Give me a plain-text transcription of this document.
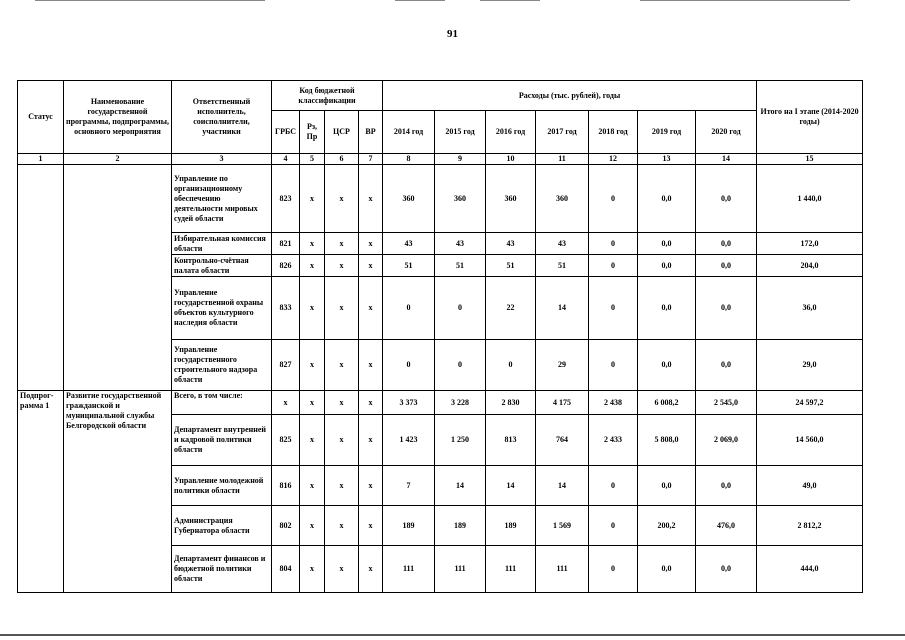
91
Статус	Наименование государственной программы, подпрограммы, основного мероприятия	Ответственный исполнитель, соисполнители, участники	Код бюджетной классификации				Расходы (тыс. рублей), годы							Итого на I этапе (2014-2020 годы)
			ГРБС	Рз, Пр	ЦСР	ВР	2014 год	2015 год	2016 год	2017 год	2018 год	2019 год	2020 год	
1	2	3	4	5	6	7	8	9	10	11	12	13	14	15
		Управление по организационному обеспечению деятельности мировых судей области	823	х	х	х	360	360	360	360	0	0,0	0,0	1 440,0
		Избирательная комиссия области	821	х	х	х	43	43	43	43	0	0,0	0,0	172,0
		Контрольно-счётная палата области	826	х	х	х	51	51	51	51	0	0,0	0,0	204,0
		Управление государственной охраны объектов культурного наследия области	833	х	х	х	0	0	22	14	0	0,0	0,0	36,0
		Управление государственного строительного надзора области	827	х	х	х	0	0	0	29	0	0,0	0,0	29,0
Подпрог-рамма 1	Развитие государственной гражданской и муниципальной службы Белгородской области	Всего, в том числе:	х	х	х	х	3 373	3 228	2 830	4 175	2 438	6 008,2	2 545,0	24 597,2
		Департамент внутренней и кадровой политики области	825	х	х	х	1 423	1 250	813	764	2 433	5 808,0	2 069,0	14 560,0
		Управление молодежной политики области	816	х	х	х	7	14	14	14	0	0,0	0,0	49,0
		Администрация Губернатора области	802	х	х	х	189	189	189	1 569	0	200,2	476,0	2 812,2
		Департамент финансов и бюджетной политики области	804	х	х	х	111	111	111	111	0	0,0	0,0	444,0
